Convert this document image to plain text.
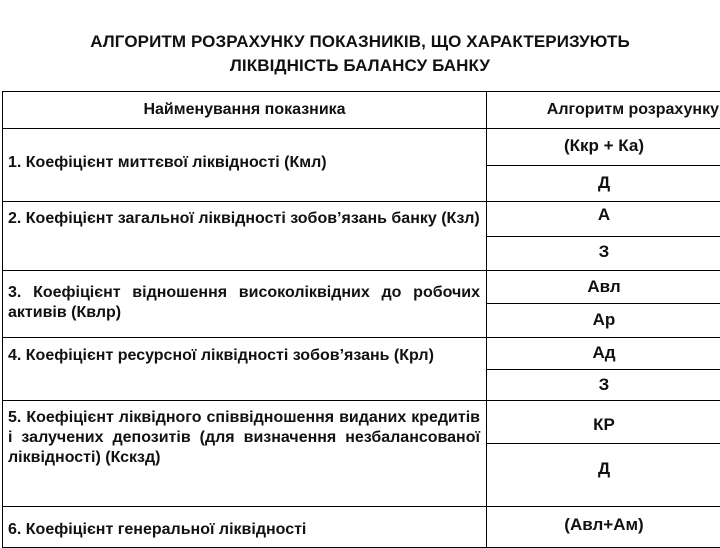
АЛГОРИТМ РОЗРАХУНКУ ПОКАЗНИКІВ, ЩО ХАРАКТЕРИЗУЮТЬ
ЛІКВІДНІСТЬ БАЛАНСУ БАНКУ
Найменування показника	Алгоритм розрахунку

1. Коефіцієнт миттєвої ліквідності (Кмл)	(Ккр + Ка)
Д

2. Коефіцієнт загальної ліквідності зобов’язань банку (Кзл)	А
З

3. Коефіцієнт відношення високоліквідних до робочих активів (Квлр)	Авл
Ар

4. Коефіцієнт ресурсної ліквідності зобов’язань (Крл)	Ад
З

5. Коефіцієнт ліквідного співвідношення виданих кредитів і залучених депозитів (для визначення незбалансованої ліквідності) (Кскзд)	КР
Д

6. Коефіцієнт генеральної ліквідності	(Авл+Ам)
